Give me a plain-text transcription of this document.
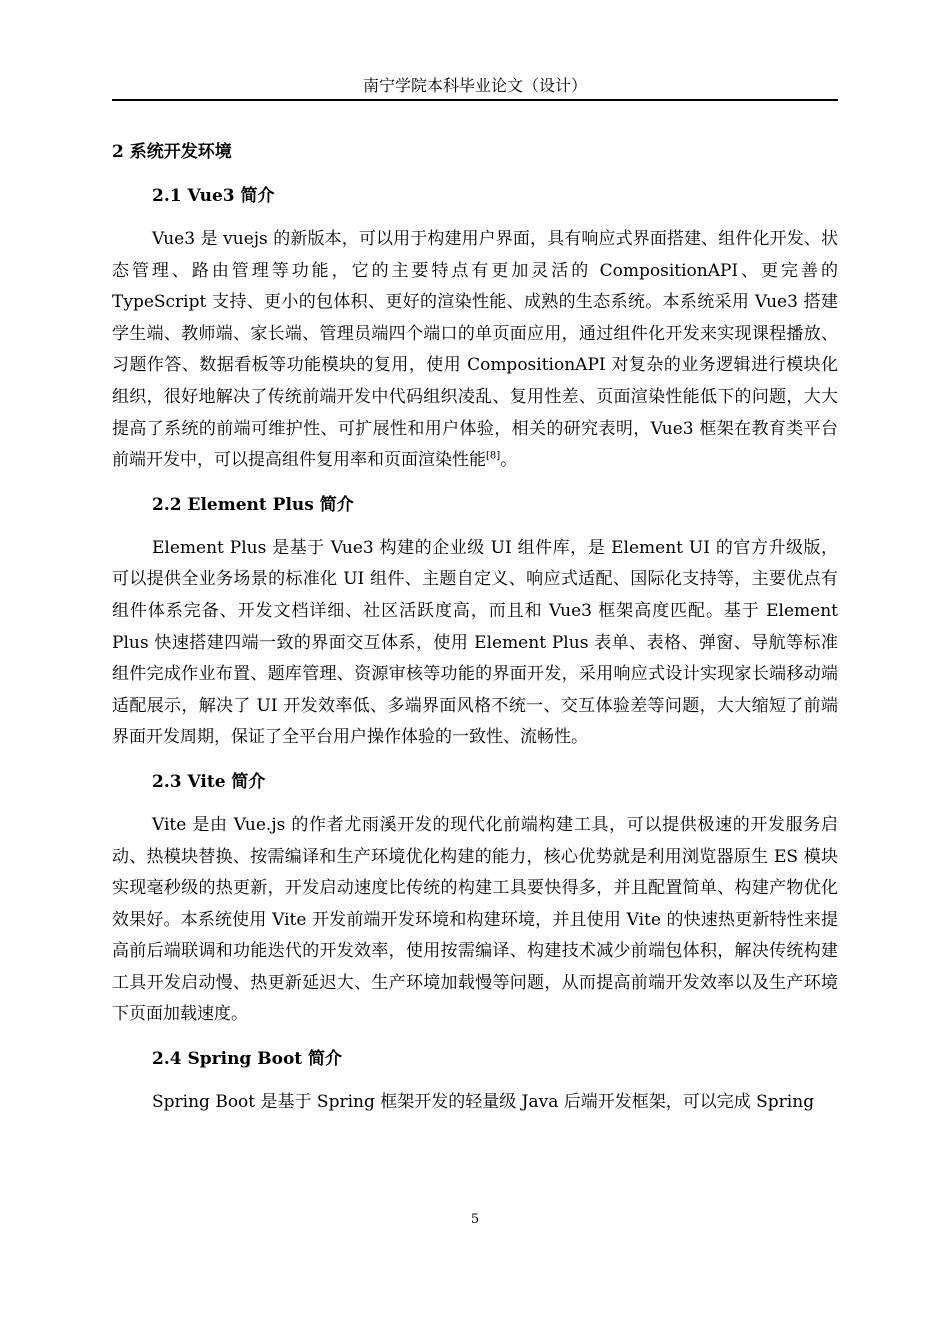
南宁学院本科毕业论文（设计）
2 系统开发环境
2.1 Vue3 简介

Vue3 是 vuejs 的新版本，可以用于构建用户界面，具有响应式界面搭建、组件化开发、状态管理、路由管理等功能，它的主要特点有更加灵活的 CompositionAPI、更完善的 TypeScript 支持、更小的包体积、更好的渲染性能、成熟的生态系统。本系统采用 Vue3 搭建学生端、教师端、家长端、管理员端四个端口的单页面应用，通过组件化开发来实现课程播放、习题作答、数据看板等功能模块的复用，使用 CompositionAPI 对复杂的业务逻辑进行模块化组织，很好地解决了传统前端开发中代码组织凌乱、复用性差、页面渲染性能低下的问题，大大提高了系统的前端可维护性、可扩展性和用户体验，相关的研究表明，Vue3 框架在教育类平台前端开发中，可以提高组件复用率和页面渲染性能[8]。

2.2 Element Plus 简介

Element Plus 是基于 Vue3 构建的企业级 UI 组件库，是 Element UI 的官方升级版，可以提供全业务场景的标准化 UI 组件、主题自定义、响应式适配、国际化支持等，主要优点有组件体系完备、开发文档详细、社区活跃度高，而且和 Vue3 框架高度匹配。基于 Element Plus 快速搭建四端一致的界面交互体系，使用 Element Plus 表单、表格、弹窗、导航等标准组件完成作业布置、题库管理、资源审核等功能的界面开发，采用响应式设计实现家长端移动端适配展示，解决了 UI 开发效率低、多端界面风格不统一、交互体验差等问题，大大缩短了前端界面开发周期，保证了全平台用户操作体验的一致性、流畅性。

2.3 Vite 简介

Vite 是由 Vue.js 的作者尤雨溪开发的现代化前端构建工具，可以提供极速的开发服务启动、热模块替换、按需编译和生产环境优化构建的能力，核心优势就是利用浏览器原生 ES 模块实现毫秒级的热更新，开发启动速度比传统的构建工具要快得多，并且配置简单、构建产物优化效果好。本系统使用 Vite 开发前端开发环境和构建环境，并且使用 Vite 的快速热更新特性来提高前后端联调和功能迭代的开发效率，使用按需编译、构建技术减少前端包体积，解决传统构建工具开发启动慢、热更新延迟大、生产环境加载慢等问题，从而提高前端开发效率以及生产环境下页面加载速度。

2.4 Spring Boot 简介

Spring Boot 是基于 Spring 框架开发的轻量级 Java 后端开发框架，可以完成 Spring

5
